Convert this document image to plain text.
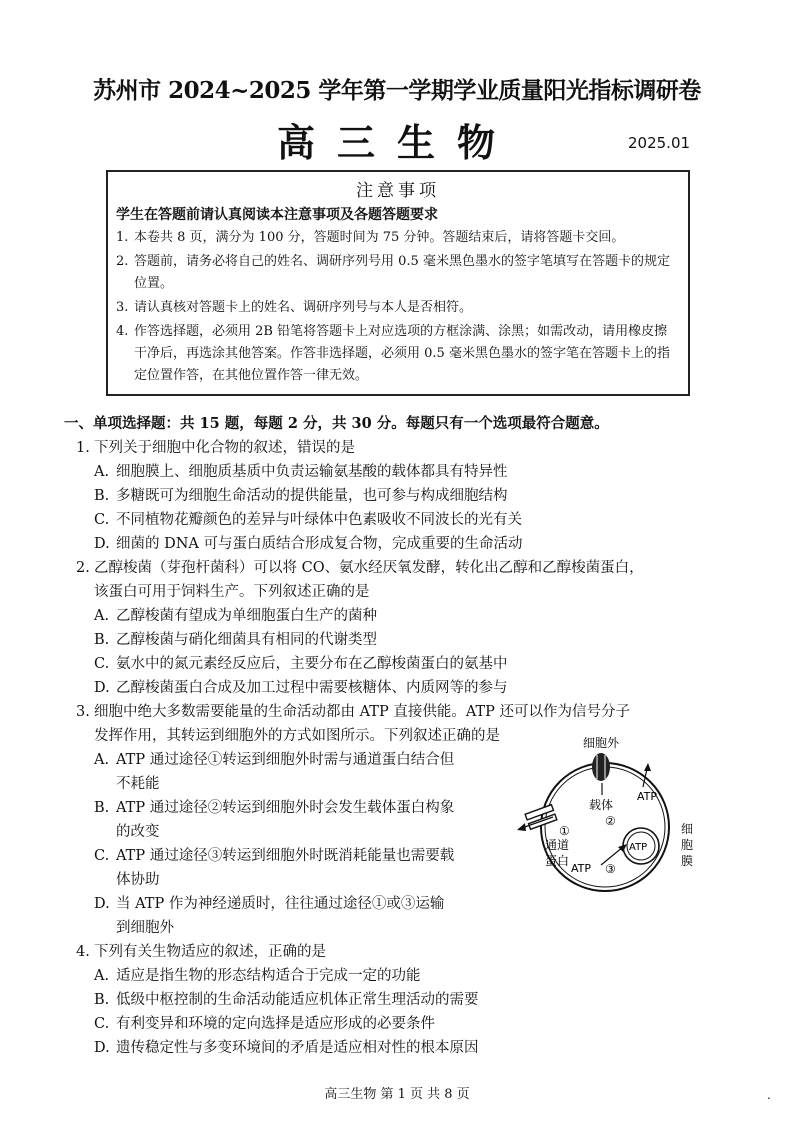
苏州市 2024~2025 学年第一学期学业质量阳光指标调研卷
高三生物	2025.01
注意事项
学生在答题前请认真阅读本注意事项及各题答题要求
1. 本卷共 8 页，满分为 100 分，答题时间为 75 分钟。答题结束后，请将答题卡交回。
2. 答题前，请务必将自己的姓名、调研序列号用 0.5 毫米黑色墨水的签字笔填写在答题卡的规定位置。
3. 请认真核对答题卡上的姓名、调研序列号与本人是否相符。
4. 作答选择题，必须用 2B 铅笔将答题卡上对应选项的方框涂满、涂黑；如需改动，请用橡皮擦干净后，再选涂其他答案。作答非选择题，必须用 0.5 毫米黑色墨水的签字笔在答题卡上的指定位置作答，在其他位置作答一律无效。
一、单项选择题：共 15 题，每题 2 分，共 30 分。每题只有一个选项最符合题意。
1. 下列关于细胞中化合物的叙述，错误的是
A. 细胞膜上、细胞质基质中负责运输氨基酸的载体都具有特异性
B. 多糖既可为细胞生命活动的提供能量，也可参与构成细胞结构
C. 不同植物花瓣颜色的差异与叶绿体中色素吸收不同波长的光有关
D. 细菌的 DNA 可与蛋白质结合形成复合物，完成重要的生命活动
2. 乙醇梭菌（芽孢杆菌科）可以将 CO、氨水经厌氧发酵，转化出乙醇和乙醇梭菌蛋白，
该蛋白可用于饲料生产。下列叙述正确的是
A. 乙醇梭菌有望成为单细胞蛋白生产的菌种
B. 乙醇梭菌与硝化细菌具有相同的代谢类型
C. 氨水中的氮元素经反应后，主要分布在乙醇梭菌蛋白的氨基中
D. 乙醇梭菌蛋白合成及加工过程中需要核糖体、内质网等的参与
3. 细胞中绝大多数需要能量的生命活动都由 ATP 直接供能。ATP 还可以作为信号分子
发挥作用，其转运到细胞外的方式如图所示。下列叙述正确的是
A. ATP 通过途径①转运到细胞外时需与通道蛋白结合但
不耗能
B. ATP 通过途径②转运到细胞外时会发生载体蛋白构象
的改变
C. ATP 通过途径③转运到细胞外时既消耗能量也需要载
体协助
D. 当 ATP 作为神经递质时，往往通过途径①或③运输
到细胞外
4. 下列有关生物适应的叙述，正确的是
A. 适应是指生物的形态结构适合于完成一定的功能
B. 低级中枢控制的生命活动能适应机体正常生理活动的需要
C. 有利变异和环境的定向选择是适应形成的必要条件
D. 遗传稳定性与多变环境间的矛盾是适应相对性的根本原因
细胞外
载体
②
ATP
①
通道
蛋白
ATP
ATP ③
细
胞
膜
高三生物 第 1 页 共 8 页	.
